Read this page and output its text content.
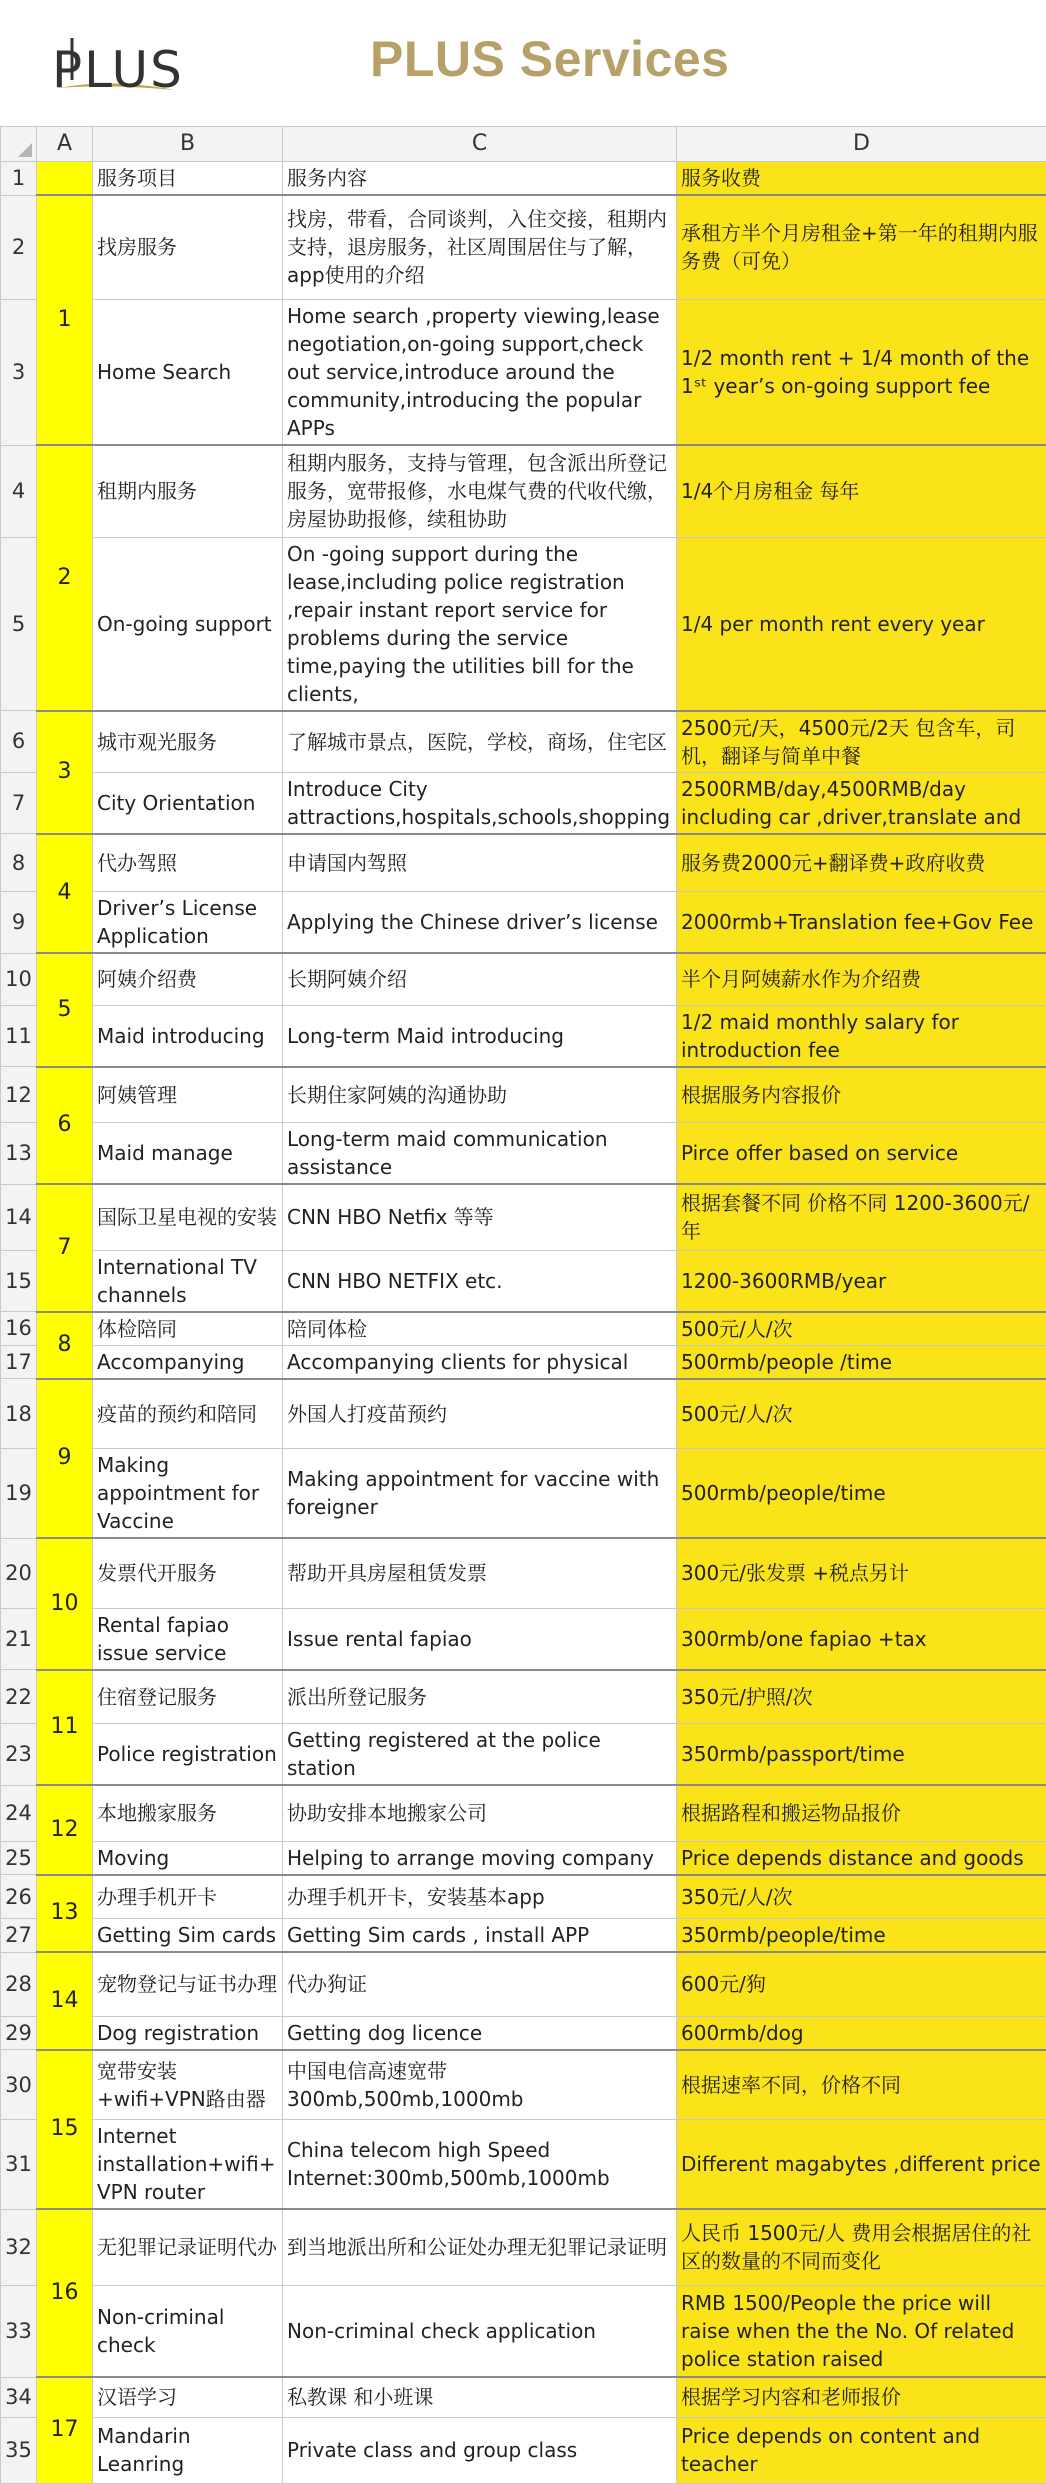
PLUS	PLUS Services
	A	B	C	D
1		服务项目	服务内容	服务收费
2	1	找房服务	找房，带看，合同谈判，入住交接，租期内支持，退房服务，社区周围居住与了解，app使用的介绍	承租方半个月房租金+第一年的租期内服务费（可免）
3		Home Search	Home search ,property viewing,lease negotiation,on-going support,check out service,introduce around the community,introducing the popular APPs	1/2 month rent + 1/4 month of the 1ˢᵗ year’s on-going support fee
4	2	租期内服务	租期内服务，支持与管理，包含派出所登记服务，宽带报修，水电煤气费的代收代缴，房屋协助报修，续租协助	1/4个月房租金 每年
5		On-going support	On -going support during the lease,including police registration ,repair instant report service for problems during the service time,paying the utilities bill for the clients,	1/4 per month rent every year
6	3	城市观光服务	了解城市景点，医院，学校，商场，住宅区	2500元/天，4500元/2天 包含车，司机，翻译与简单中餐
7		City Orientation	Introduce City attractions,hospitals,schools,shopping	2500RMB/day,4500RMB/day including car ,driver,translate and
8	4	代办驾照	申请国内驾照	服务费2000元+翻译费+政府收费
9		Driver’s License Application	Applying the Chinese driver’s license	2000rmb+Translation fee+Gov Fee
10	5	阿姨介绍费	长期阿姨介绍	半个月阿姨薪水作为介绍费
11		Maid introducing	Long-term Maid introducing	1/2 maid monthly salary for introduction fee
12	6	阿姨管理	长期住家阿姨的沟通协助	根据服务内容报价
13		Maid manage	Long-term maid communication assistance	Pirce offer based on service
14	7	国际卫星电视的安装	CNN HBO Netfix 等等	根据套餐不同 价格不同 1200-3600元/年
15		International TV channels	CNN HBO NETFIX etc.	1200-3600RMB/year
16	8	体检陪同	陪同体检	500元/人/次
17		Accompanying	Accompanying clients for physical	500rmb/people /time
18	9	疫苗的预约和陪同	外国人打疫苗预约	500元/人/次
19		Making appointment for Vaccine	Making appointment for vaccine with foreigner	500rmb/people/time
20	10	发票代开服务	帮助开具房屋租赁发票	300元/张发票 +税点另计
21		Rental fapiao issue service	Issue rental fapiao	300rmb/one fapiao +tax
22	11	住宿登记服务	派出所登记服务	350元/护照/次
23		Police registration	Getting registered at the police station	350rmb/passport/time
24	12	本地搬家服务	协助安排本地搬家公司	根据路程和搬运物品报价
25		Moving	Helping to arrange moving company	Price depends distance and goods
26	13	办理手机开卡	办理手机开卡，安装基本app	350元/人/次
27		Getting Sim cards	Getting Sim cards , install APP	350rmb/people/time
28	14	宠物登记与证书办理	代办狗证	600元/狗
29		Dog registration	Getting dog licence	600rmb/dog
30	15	宽带安装+wifi+VPN路由器	中国电信高速宽带300mb,500mb,1000mb	根据速率不同，价格不同
31		Internet installation+wifi+VPN router	China telecom high Speed Internet:300mb,500mb,1000mb	Different magabytes ,different price
32	16	无犯罪记录证明代办	到当地派出所和公证处办理无犯罪记录证明	人民币 1500元/人 费用会根据居住的社区的数量的不同而变化
33		Non-criminal check	Non-criminal check application	RMB 1500/People the price will raise when the the No. Of related police station raised
34	17	汉语学习	私教课 和小班课	根据学习内容和老师报价
35		Mandarin Leanring	Private class and group class	Price depends on content and teacher
